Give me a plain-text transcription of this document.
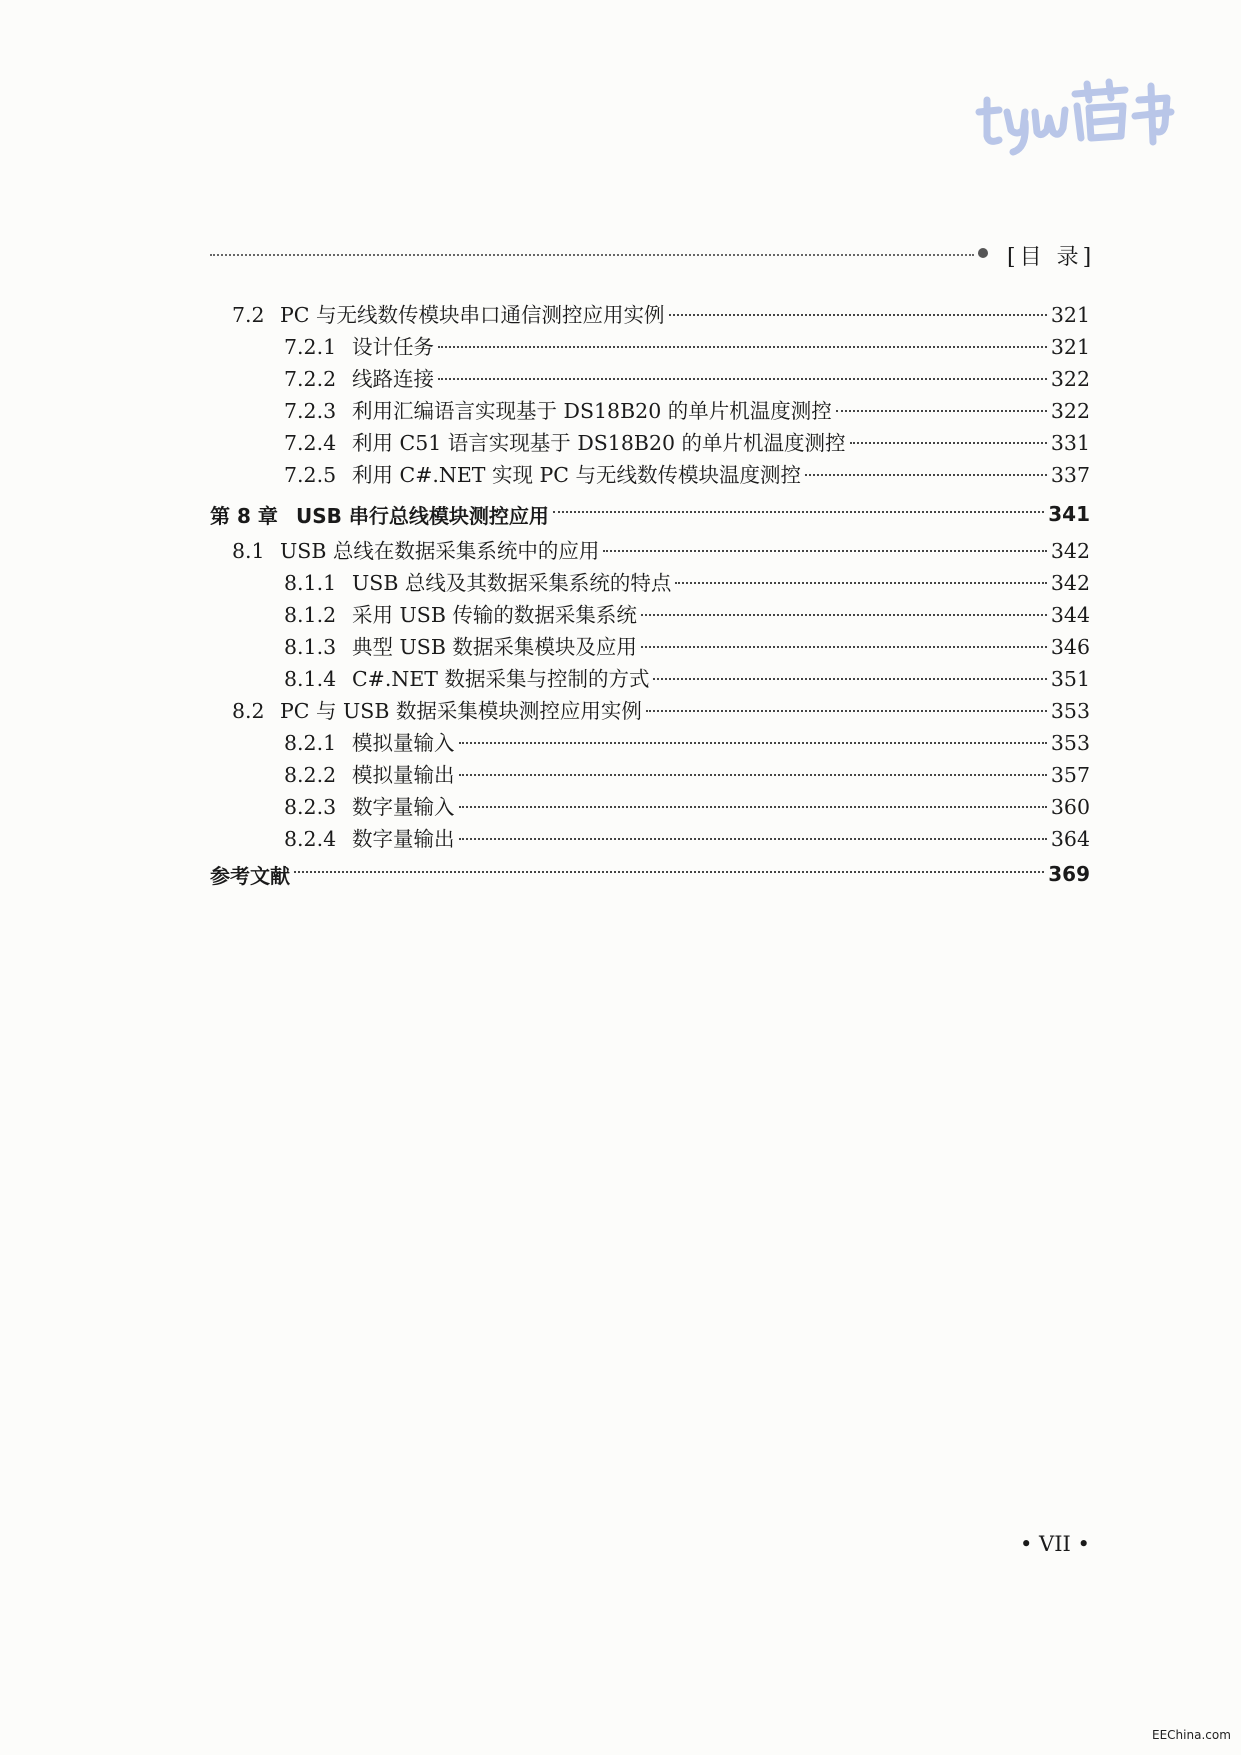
[目 录]
7.2 PC 与无线数传模块串口通信测控应用实例	321
7.2.1 设计任务	321
7.2.2 线路连接	322
7.2.3 利用汇编语言实现基于 DS18B20 的单片机温度测控	322
7.2.4 利用 C51 语言实现基于 DS18B20 的单片机温度测控	331
7.2.5 利用 C#.NET 实现 PC 与无线数传模块温度测控	337
第 8 章 USB 串行总线模块测控应用	341
8.1 USB 总线在数据采集系统中的应用	342
8.1.1 USB 总线及其数据采集系统的特点	342
8.1.2 采用 USB 传输的数据采集系统	344
8.1.3 典型 USB 数据采集模块及应用	346
8.1.4 C#.NET 数据采集与控制的方式	351
8.2 PC 与 USB 数据采集模块测控应用实例	353
8.2.1 模拟量输入	353
8.2.2 模拟量输出	357
8.2.3 数字量输入	360
8.2.4 数字量输出	364
参考文献	369
• VII •
EEChina.com
